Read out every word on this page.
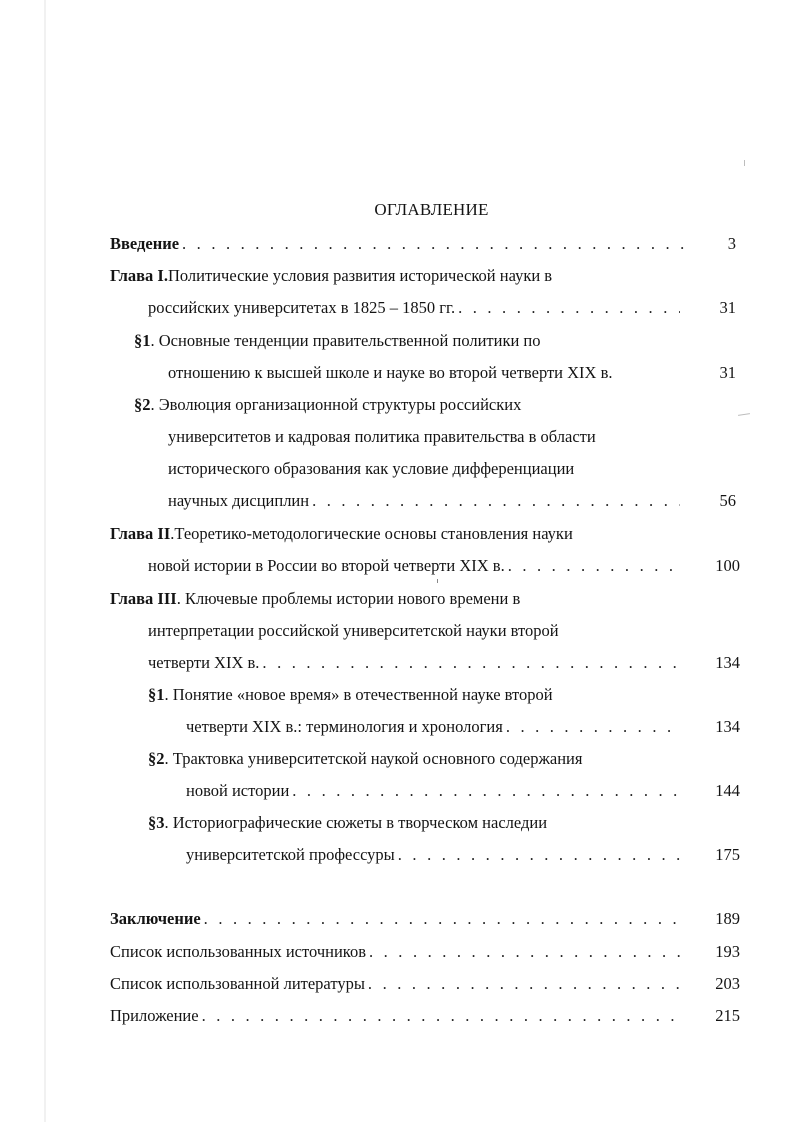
ОГЛАВЛЕНИЕ
Введение . . .	3
Глава I. Политические условия развития исторической науки в
российских университетах в 1825 – 1850 гг. . . .	31
§1 . Основные тенденции правительственной политики по
отношению к высшей школе и науке во второй четверти XIX в.	31
§2 . Эволюция организационной структуры российских
университетов и кадровая политика правительства в области
исторического образования как условие дифференциации
научных дисциплин . . .	56
Глава II .Теоретико-методологические основы становления науки
новой истории в России во второй четверти XIX в. . . .	100
Глава III . Ключевые проблемы истории нового времени в
интерпретации российской университетской науки второй
четверти XIX в. . . .	134
§1 . Понятие «новое время» в отечественной науке второй
четверти XIX в.: терминология и хронология . . .	134
§2 . Трактовка университетской наукой основного содержания
новой истории . . .	144
§3 . Историографические сюжеты в творческом наследии
университетской профессуры . . .	175
Заключение . . .	189
Список использованных источников . . .	193
Список использованной литературы . . .	203
Приложение . . .	215
